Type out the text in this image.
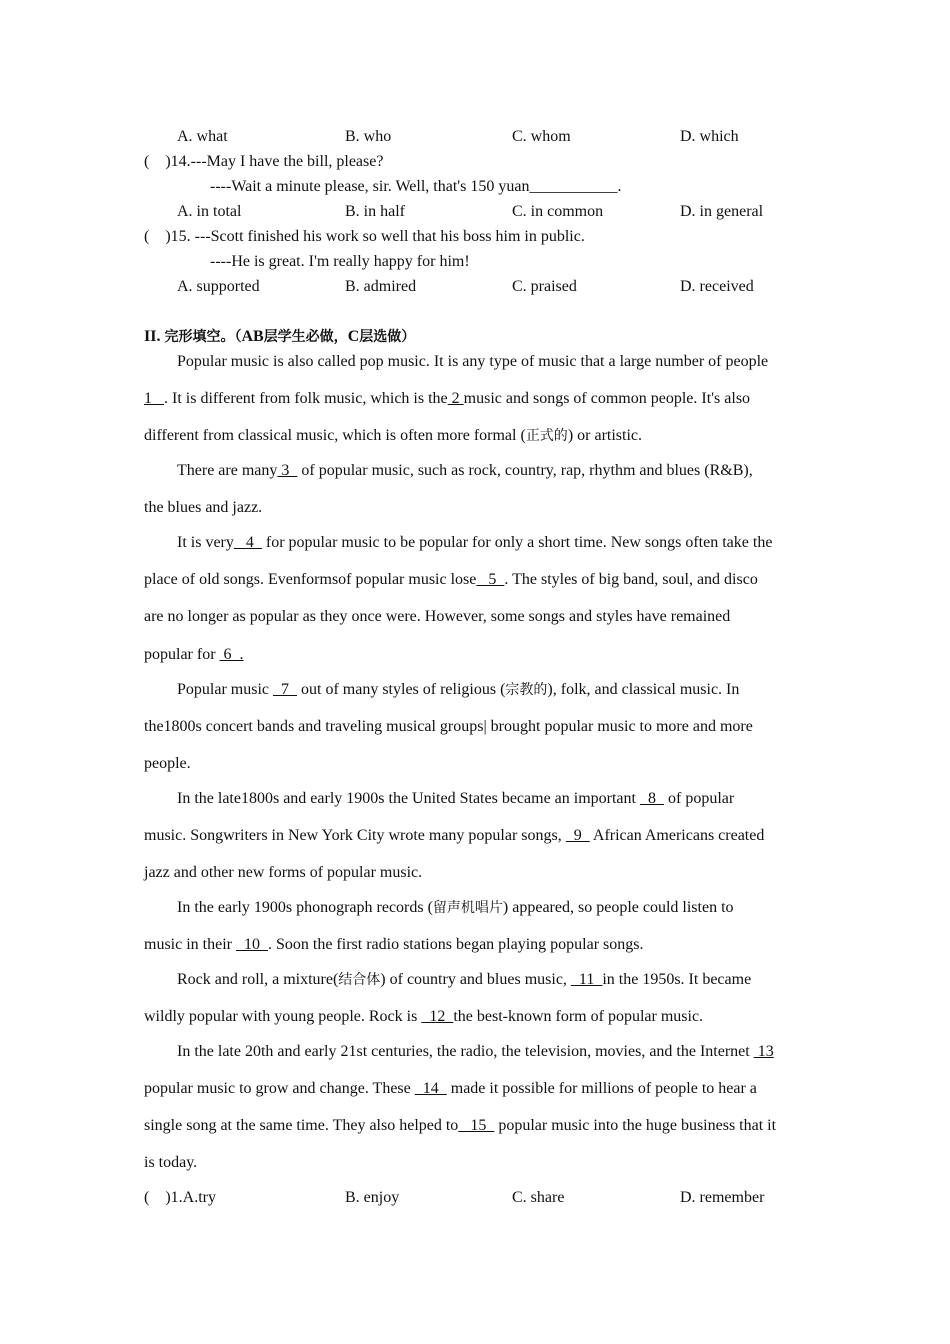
A. what	B. who	C. whom	D. which
(    )14.---May I have the bill, please?
----Wait a minute please, sir. Well, that's 150 yuan___________.
A. in total	B. in half	C. in common	D. in general
(    )15. ---Scott finished his work so well that his boss him in public.
----He is great. I'm really happy for him!
A. supported	B. admired	C. praised	D. received
II. 完形填空。（AB层学生必做，C层选做）
Popular music is also called pop music. It is any type of music that a large number of people
1   . It is different from folk music, which is the 2 music and songs of common people. It's also
different from classical music, which is often more formal (正式的) or artistic.
There are many 3   of popular music, such as rock, country, rap, rhythm and blues (R&B),
the blues and jazz.
It is very   4   for popular music to be popular for only a short time. New songs often take the
place of old songs. Evenformsof popular music lose   5  . The styles of big band, soul, and disco
are no longer as popular as they once were. However, some songs and styles have remained
popular for  6  .
Popular music   7   out of many styles of religious (宗教的), folk, and classical music. In
the1800s concert bands and traveling musical groups| brought popular music to more and more
people.
In the late1800s and early 1900s the United States became an important   8   of popular
music. Songwriters in New York City wrote many popular songs,   9   African Americans created
jazz and other new forms of popular music.
In the early 1900s phonograph records (留声机唱片) appeared, so people could listen to
music in their   10  . Soon the first radio stations began playing popular songs.
Rock and roll, a mixture(结合体) of country and blues music,   11  in the 1950s. It became
wildly popular with young people. Rock is   12  the best-known form of popular music.
In the late 20th and early 21st centuries, the radio, the television, movies, and the Internet  13
popular music to grow and change. These   14   made it possible for millions of people to hear a
single song at the same time. They also helped to   15   popular music into the huge business that it
is today.
(    )1.A.try	B. enjoy	C. share	D. remember
